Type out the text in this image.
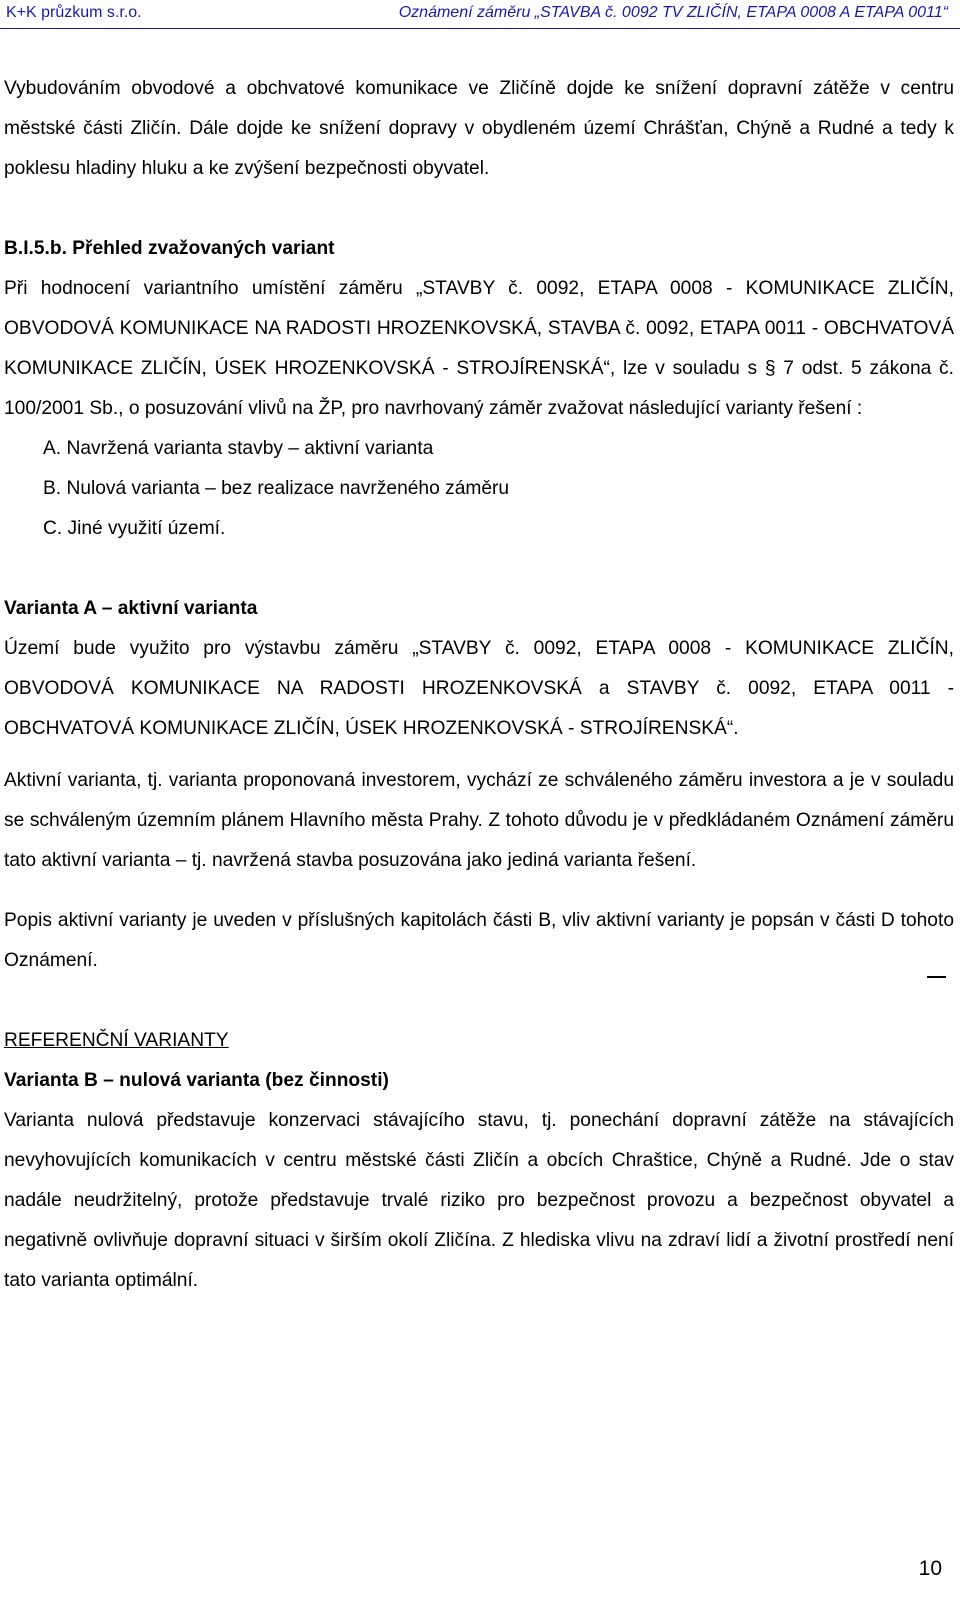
K+K průzkum s.r.o.	Oznámení záměru „STAVBA č. 0092 TV ZLIČÍN, ETAPA 0008 A ETAPA 0011“

Vybudováním obvodové a obchvatové komunikace ve Zličíně dojde ke snížení dopravní zátěže v centru městské části Zličín. Dále dojde ke snížení dopravy v obydleném území Chrášťan, Chýně a Rudné a tedy k poklesu hladiny hluku a ke zvýšení bezpečnosti obyvatel.

B.I.5.b. Přehled zvažovaných variant

Při hodnocení variantního umístění záměru „STAVBY č. 0092, ETAPA 0008 - KOMUNIKACE ZLIČÍN, OBVODOVÁ KOMUNIKACE NA RADOSTI HROZENKOVSKÁ, STAVBA č. 0092, ETAPA 0011 - OBCHVATOVÁ KOMUNIKACE ZLIČÍN, ÚSEK HROZENKOVSKÁ - STROJÍRENSKÁ“, lze v souladu s § 7 odst. 5 zákona č. 100/2001 Sb., o posuzování vlivů na ŽP, pro navrhovaný záměr zvažovat následující varianty řešení :

A. Navržená varianta stavby – aktivní varianta
B. Nulová varianta – bez realizace navrženého záměru
C. Jiné využití území.

Varianta A – aktivní varianta

Území bude využito pro výstavbu záměru „STAVBY č. 0092, ETAPA 0008 - KOMUNIKACE ZLIČÍN, OBVODOVÁ KOMUNIKACE NA RADOSTI HROZENKOVSKÁ a STAVBY č. 0092, ETAPA 0011 - OBCHVATOVÁ KOMUNIKACE ZLIČÍN, ÚSEK HROZENKOVSKÁ - STROJÍRENSKÁ“.

Aktivní varianta, tj. varianta proponovaná investorem, vychází ze schváleného záměru investora a je v souladu se schváleným územním plánem Hlavního města Prahy. Z tohoto důvodu je v předkládaném Oznámení záměru tato aktivní varianta – tj. navržená stavba posuzována jako jediná varianta řešení.

Popis aktivní varianty je uveden v příslušných kapitolách části B, vliv aktivní varianty je popsán v části D tohoto Oznámení.

REFERENČNÍ VARIANTY

Varianta B – nulová varianta (bez činnosti)

Varianta nulová představuje konzervaci stávajícího stavu, tj. ponechání dopravní zátěže na stávajících nevyhovujících komunikacích v centru městské části Zličín a obcích Chraštice, Chýně a Rudné. Jde o stav nadále neudržitelný, protože představuje trvalé riziko pro bezpečnost provozu a bezpečnost obyvatel a negativně ovlivňuje dopravní situaci v širším okolí Zličína. Z hlediska vlivu na zdraví lidí a životní prostředí není tato varianta optimální.

10
